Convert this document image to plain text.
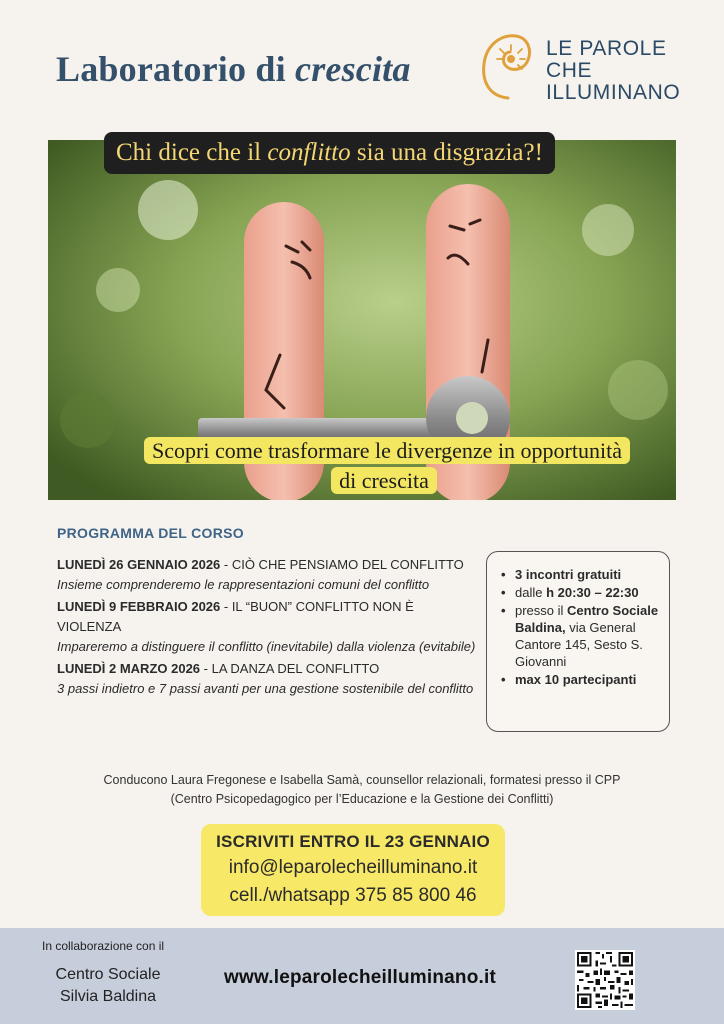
Laboratorio di crescita
LE PAROLE
CHE
ILLUMINANO
Chi dice che il conflitto sia una disgrazia?!
Scopri come trasformare le divergenze in opportunità di crescita
PROGRAMMA DEL CORSO
LUNEDÌ 26 GENNAIO 2026 - CIÒ CHE PENSIAMO DEL CONFLITTO
Insieme comprenderemo le rappresentazioni comuni del conflitto
LUNEDÌ 9 FEBBRAIO 2026 - IL “BUON” CONFLITTO NON È VIOLENZA
Impareremo a distinguere il conflitto (inevitabile) dalla violenza (evitabile)
LUNEDÌ 2 MARZO 2026 - LA DANZA DEL CONFLITTO
3 passi indietro e 7 passi avanti per una gestione sostenibile del conflitto
• 3 incontri gratuiti
• dalle h 20:30 – 22:30
• presso il Centro Sociale Baldina, via General Cantore 145, Sesto S. Giovanni
• max 10 partecipanti
Conducono Laura Fregonese e Isabella Samà, counsellor relazionali, formatesi presso il CPP
(Centro Psicopedagogico per l’Educazione e la Gestione dei Conflitti)
ISCRIVITI ENTRO IL 23 GENNAIO
info@leparolecheilluminano.it
cell./whatsapp 375 85 800 46
In collaborazione con il
Centro Sociale Silvia Baldina
www.leparolecheilluminano.it
